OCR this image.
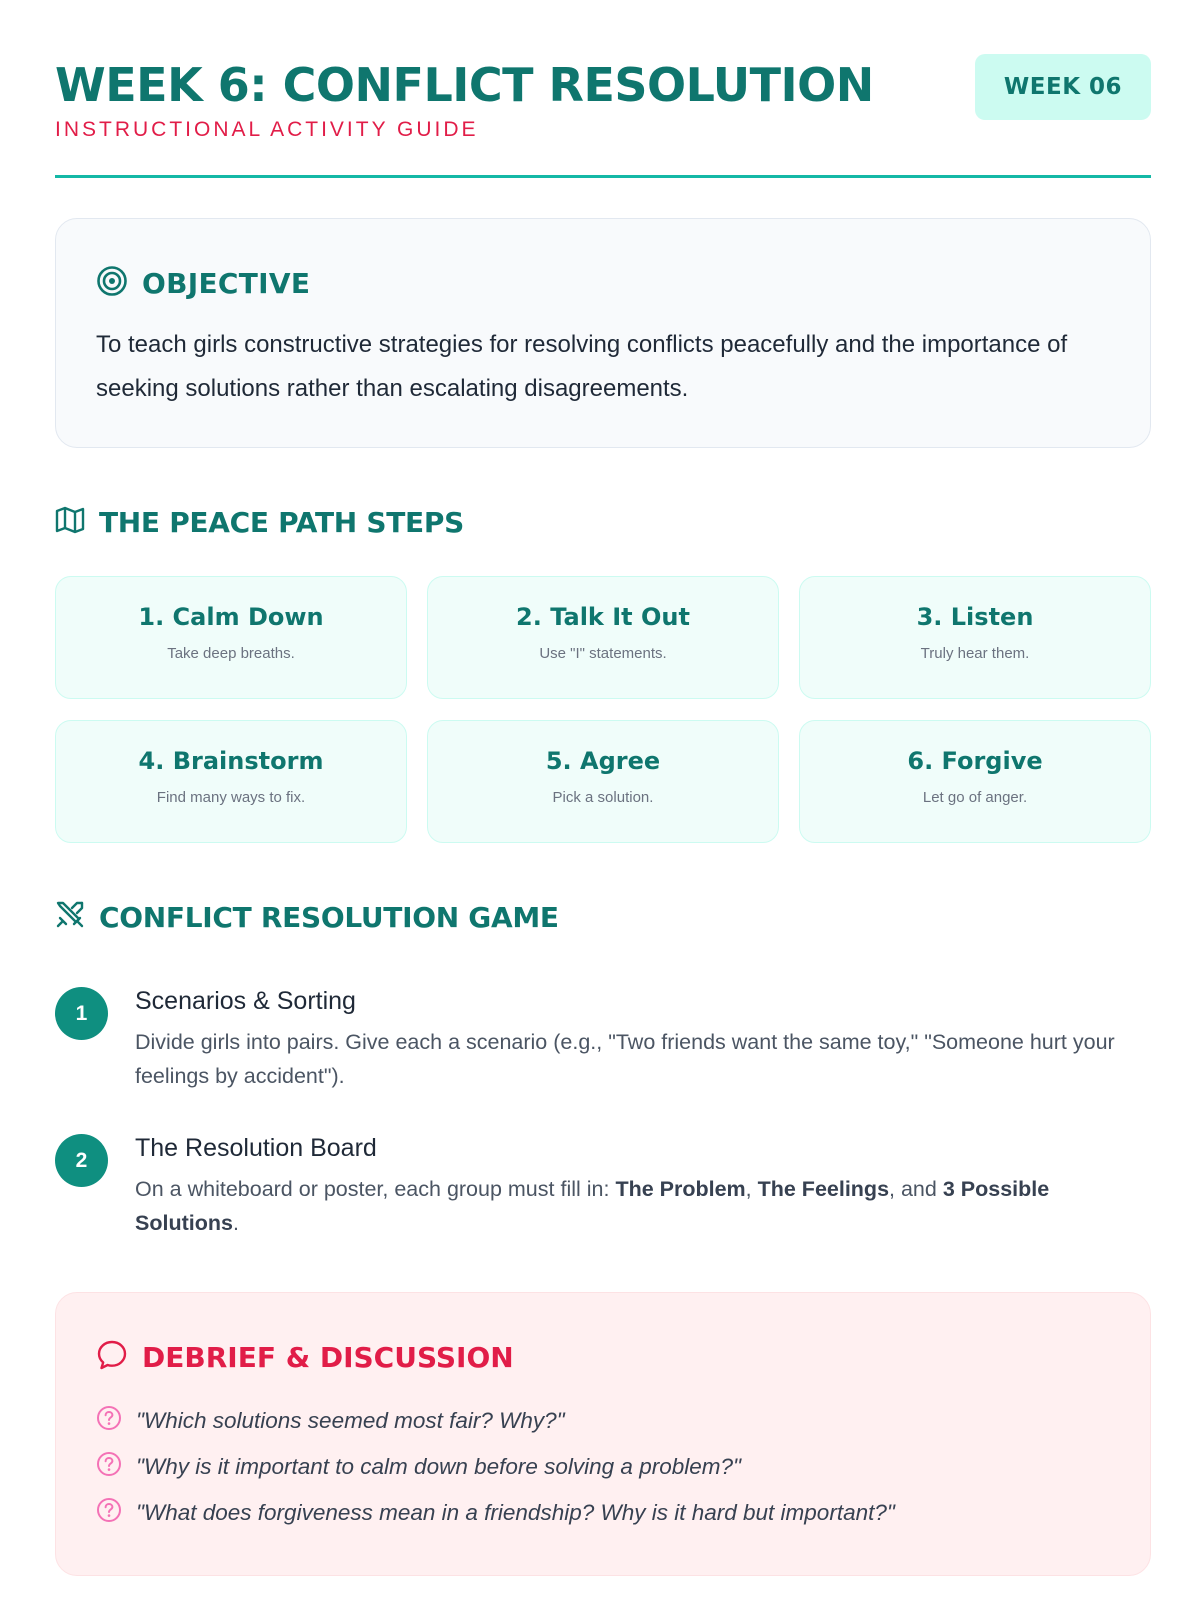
WEEK 6: CONFLICT RESOLUTION
INSTRUCTIONAL ACTIVITY GUIDE
WEEK 06
OBJECTIVE
To teach girls constructive strategies for resolving conflicts peacefully and the importance of seeking solutions rather than escalating disagreements.
THE PEACE PATH STEPS
1. Calm Down
Take deep breaths.
2. Talk It Out
Use "I" statements.
3. Listen
Truly hear them.
4. Brainstorm
Find many ways to fix.
5. Agree
Pick a solution.
6. Forgive
Let go of anger.
CONFLICT RESOLUTION GAME
1	Scenarios & Sorting
Divide girls into pairs. Give each a scenario (e.g., "Two friends want the same toy," "Someone hurt your feelings by accident").
2	The Resolution Board
On a whiteboard or poster, each group must fill in: The Problem, The Feelings, and 3 Possible Solutions.
DEBRIEF & DISCUSSION
"Which solutions seemed most fair? Why?"
"Why is it important to calm down before solving a problem?"
"What does forgiveness mean in a friendship? Why is it hard but important?"
